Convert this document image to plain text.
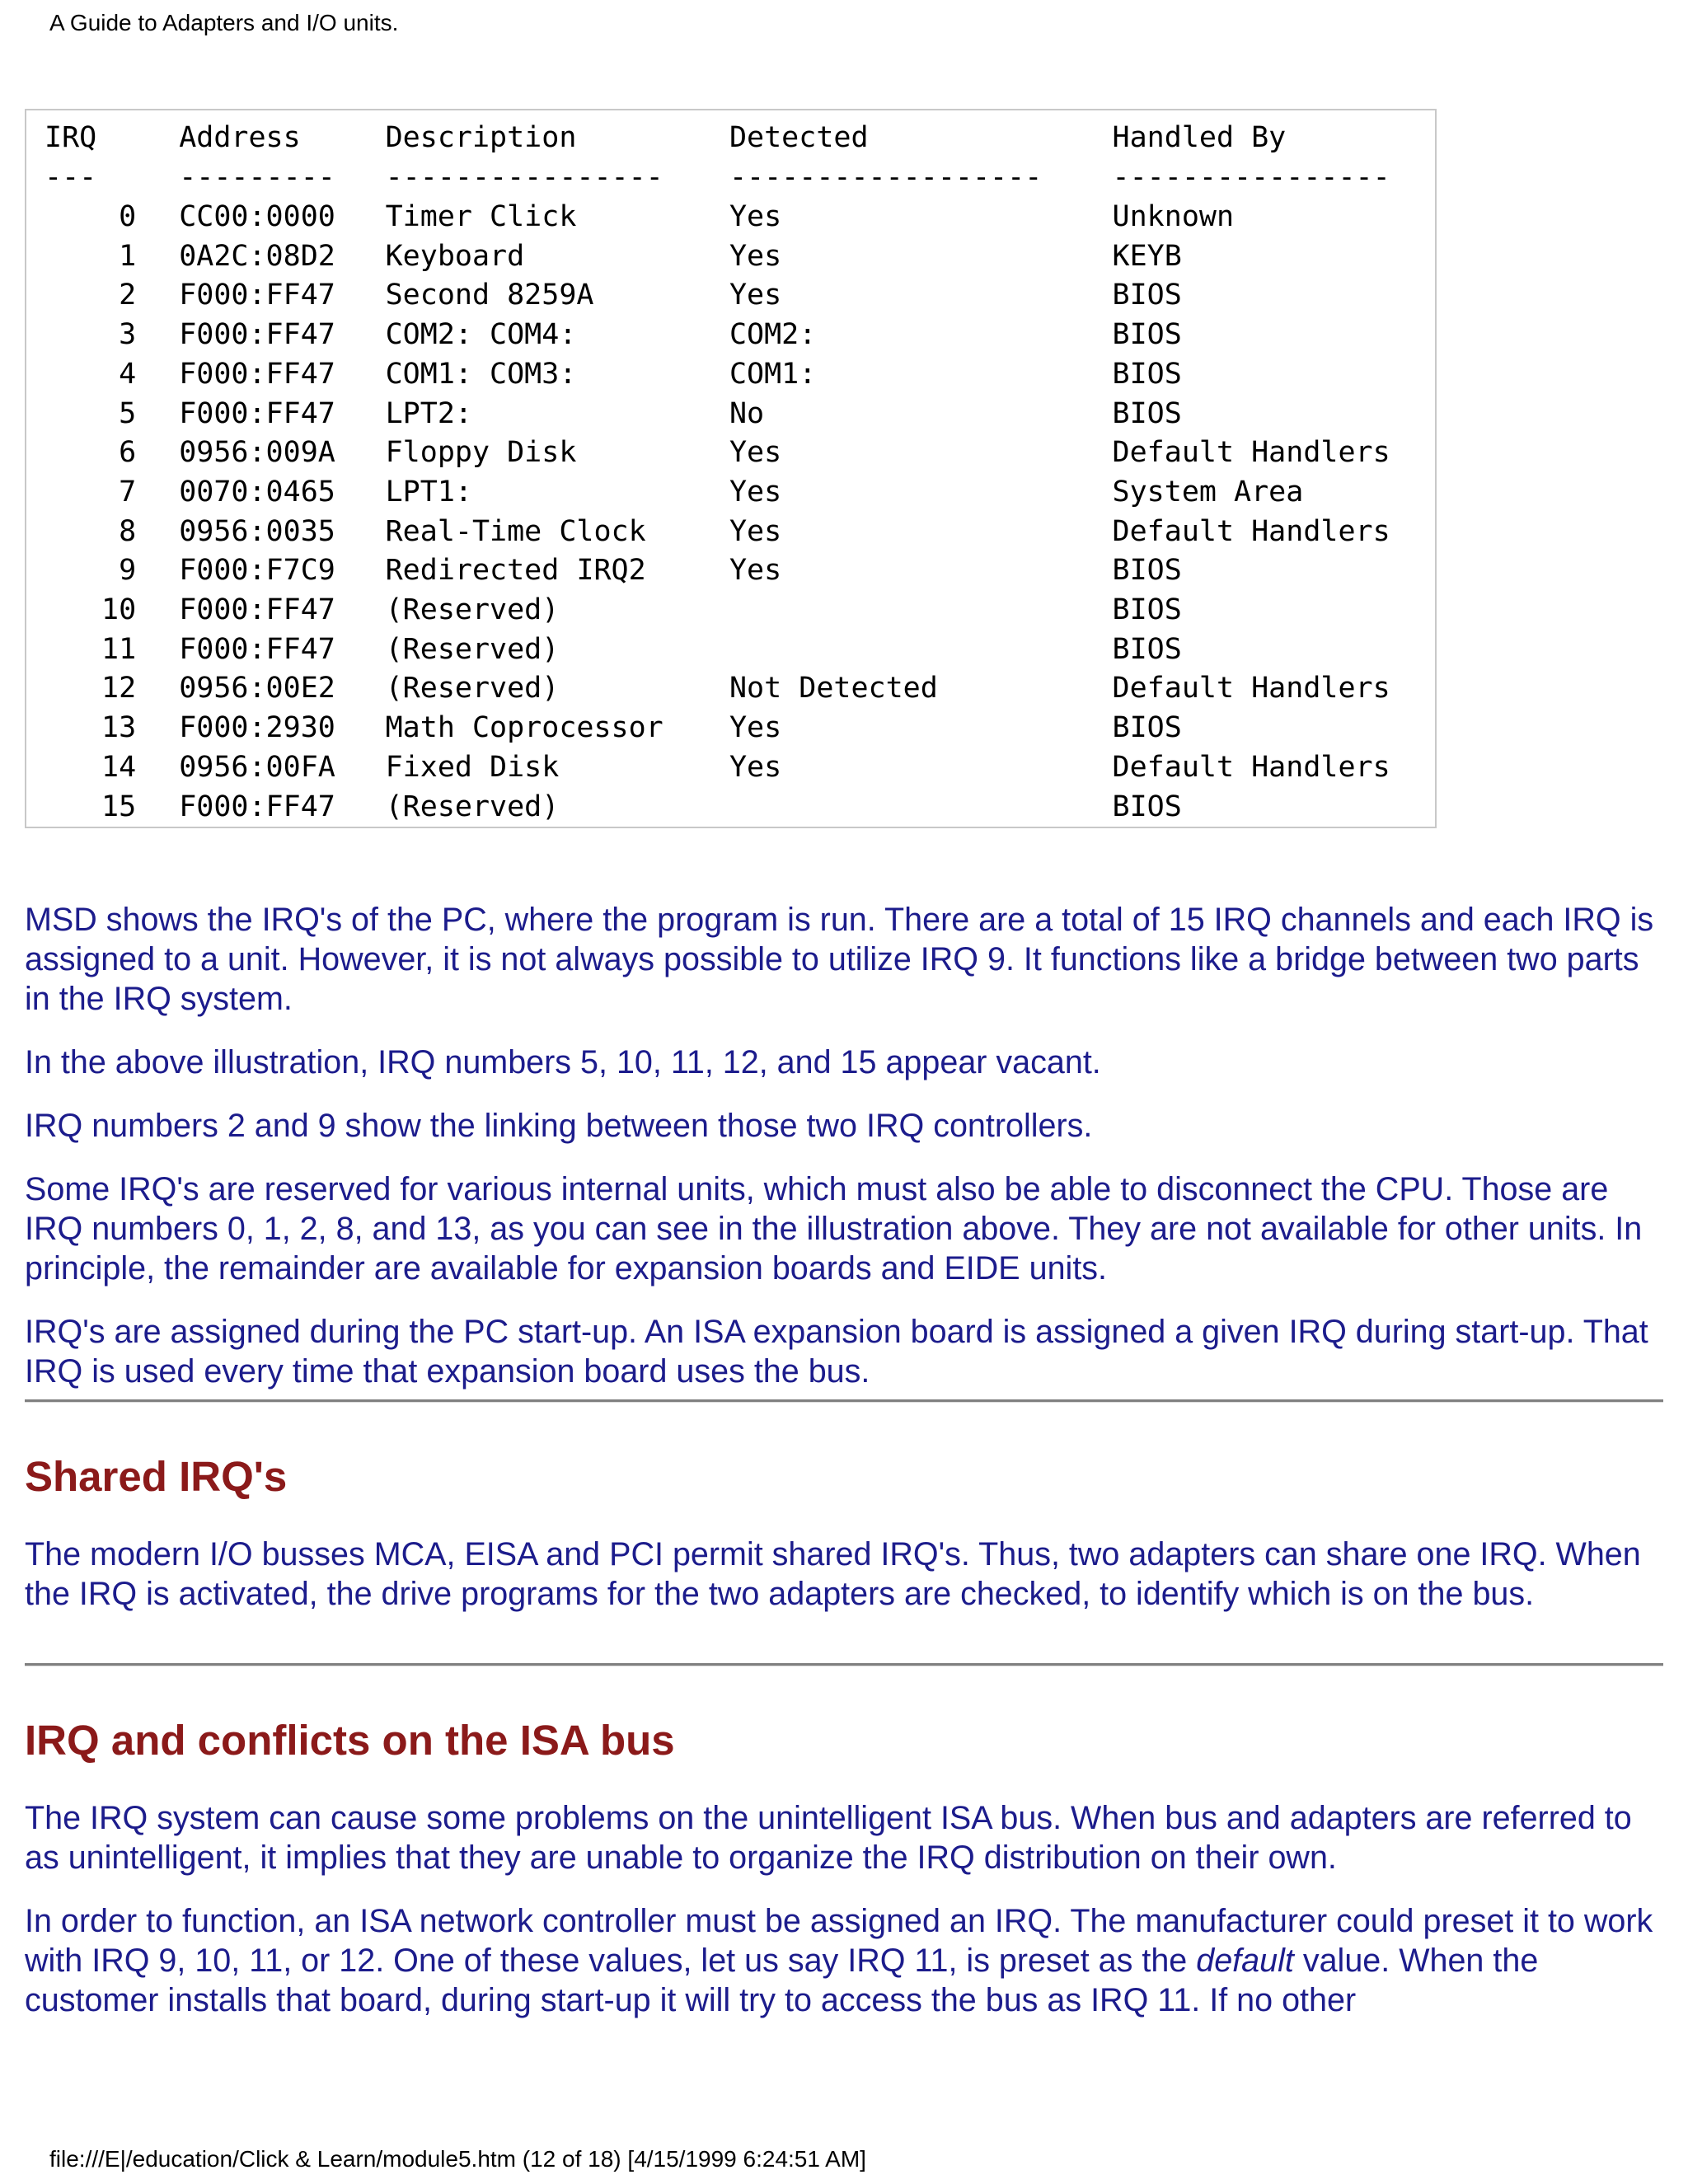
A Guide to Adapters and I/O units.
IRQ	Address	Description	Detected	Handled By
---	---------	----------------	------------------	----------------
0	CC00:0000	Timer Click	Yes	Unknown
1	0A2C:08D2	Keyboard	Yes	KEYB
2	F000:FF47	Second 8259A	Yes	BIOS
3	F000:FF47	COM2: COM4:	COM2:	BIOS
4	F000:FF47	COM1: COM3:	COM1:	BIOS
5	F000:FF47	LPT2:	No	BIOS
6	0956:009A	Floppy Disk	Yes	Default Handlers
7	0070:0465	LPT1:	Yes	System Area
8	0956:0035	Real-Time Clock	Yes	Default Handlers
9	F000:F7C9	Redirected IRQ2	Yes	BIOS
10	F000:FF47	(Reserved)		BIOS
11	F000:FF47	(Reserved)		BIOS
12	0956:00E2	(Reserved)	Not Detected	Default Handlers
13	F000:2930	Math Coprocessor	Yes	BIOS
14	0956:00FA	Fixed Disk	Yes	Default Handlers
15	F000:FF47	(Reserved)		BIOS

MSD shows the IRQ's of the PC, where the program is run. There are a total of 15 IRQ channels and each IRQ is assigned to a unit. However, it is not always possible to utilize IRQ 9. It functions like a bridge between two parts in the IRQ system.

In the above illustration, IRQ numbers 5, 10, 11, 12, and 15 appear vacant.

IRQ numbers 2 and 9 show the linking between those two IRQ controllers.

Some IRQ's are reserved for various internal units, which must also be able to disconnect the CPU. Those are IRQ numbers 0, 1, 2, 8, and 13, as you can see in the illustration above. They are not available for other units. In principle, the remainder are available for expansion boards and EIDE units.

IRQ's are assigned during the PC start-up. An ISA expansion board is assigned a given IRQ during start-up. That IRQ is used every time that expansion board uses the bus.

Shared IRQ's

The modern I/O busses MCA, EISA and PCI permit shared IRQ's. Thus, two adapters can share one IRQ. When the IRQ is activated, the drive programs for the two adapters are checked, to identify which is on the bus.

IRQ and conflicts on the ISA bus

The IRQ system can cause some problems on the unintelligent ISA bus. When bus and adapters are referred to as unintelligent, it implies that they are unable to organize the IRQ distribution on their own.

In order to function, an ISA network controller must be assigned an IRQ. The manufacturer could preset it to work with IRQ 9, 10, 11, or 12. One of these values, let us say IRQ 11, is preset as the default value. When the customer installs that board, during start-up it will try to access the bus as IRQ 11. If no other

file:///E|/education/Click & Learn/module5.htm (12 of 18) [4/15/1999 6:24:51 AM]
